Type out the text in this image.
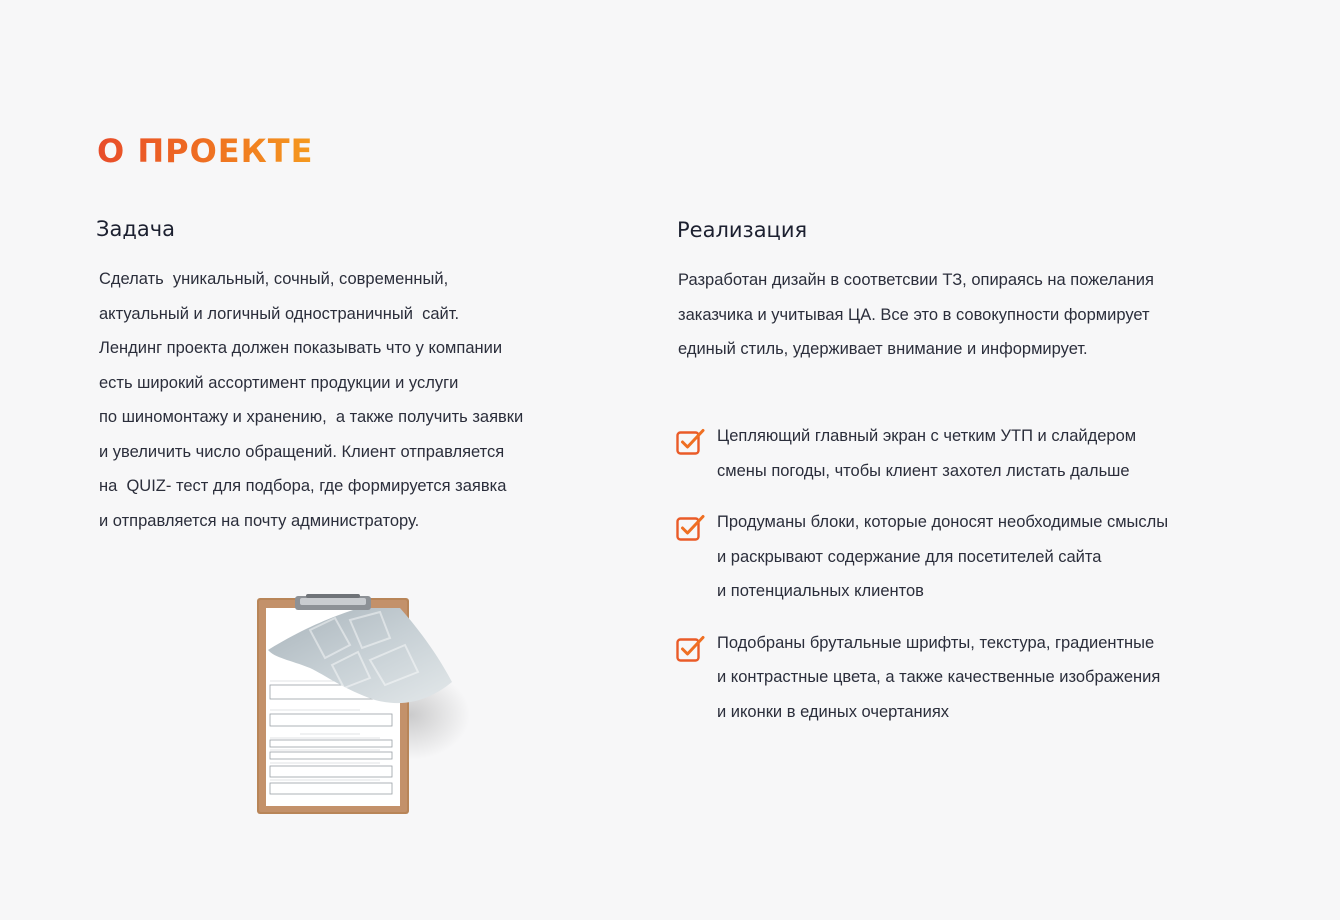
О ПРОЕКТЕ
Задача

Сделать  уникальный, сочный, современный,

актуальный и логичный одностраничный  сайт.

Лендинг проекта должен показывать что у компании

есть широкий ассортимент продукции и услуги

по шиномонтажу и хранению,  а также получить заявки

и увеличить число обращений. Клиент отправляется

на  QUIZ- тест для подбора, где формируется заявка

и отправляется на почту администратору.

Реализация

Разработан дизайн в соответсвии ТЗ, опираясь на пожелания

заказчика и учитывая ЦА. Все это в совокупности формирует

единый стиль, удерживает внимание и информирует.

Цепляющий главный экран с четким УТП и слайдером

смены погоды, чтобы клиент захотел листать дальше

Продуманы блоки, которые доносят необходимые смыслы

и раскрывают содержание для посетителей сайта

и потенциальных клиентов

Подобраны брутальные шрифты, текстура, градиентные

и контрастные цвета, а также качественные изображения

и иконки в единых очертаниях
